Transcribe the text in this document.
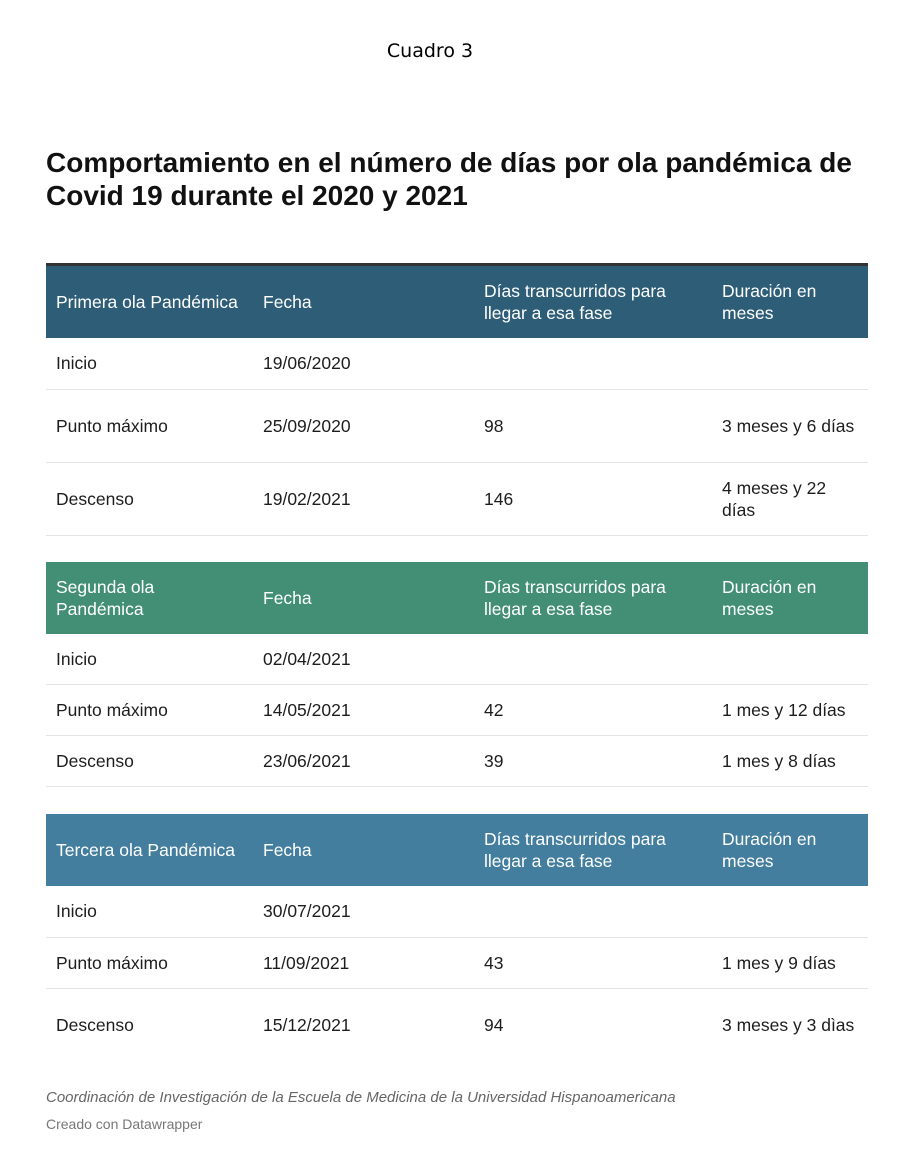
Cuadro 3
Comportamiento en el número de días por ola pandémica de Covid 19 durante el 2020 y 2021
Primera ola Pandémica	Fecha	Días transcurridos para llegar a esa fase	Duración en meses
Inicio	19/06/2020		
Punto máximo	25/09/2020	98	3 meses y 6 días
Descenso	19/02/2021	146	4 meses y 22 días
Segunda ola Pandémica	Fecha	Días transcurridos para llegar a esa fase	Duración en meses
Inicio	02/04/2021		
Punto máximo	14/05/2021	42	1 mes y 12 días
Descenso	23/06/2021	39	1 mes y 8 días
Tercera ola Pandémica	Fecha	Días transcurridos para llegar a esa fase	Duración en meses
Inicio	30/07/2021		
Punto máximo	11/09/2021	43	1 mes y 9 días
Descenso	15/12/2021	94	3 meses y 3 dìas

Coordinación de Investigación de la Escuela de Medicina de la Universidad Hispanoamericana

Creado con Datawrapper
